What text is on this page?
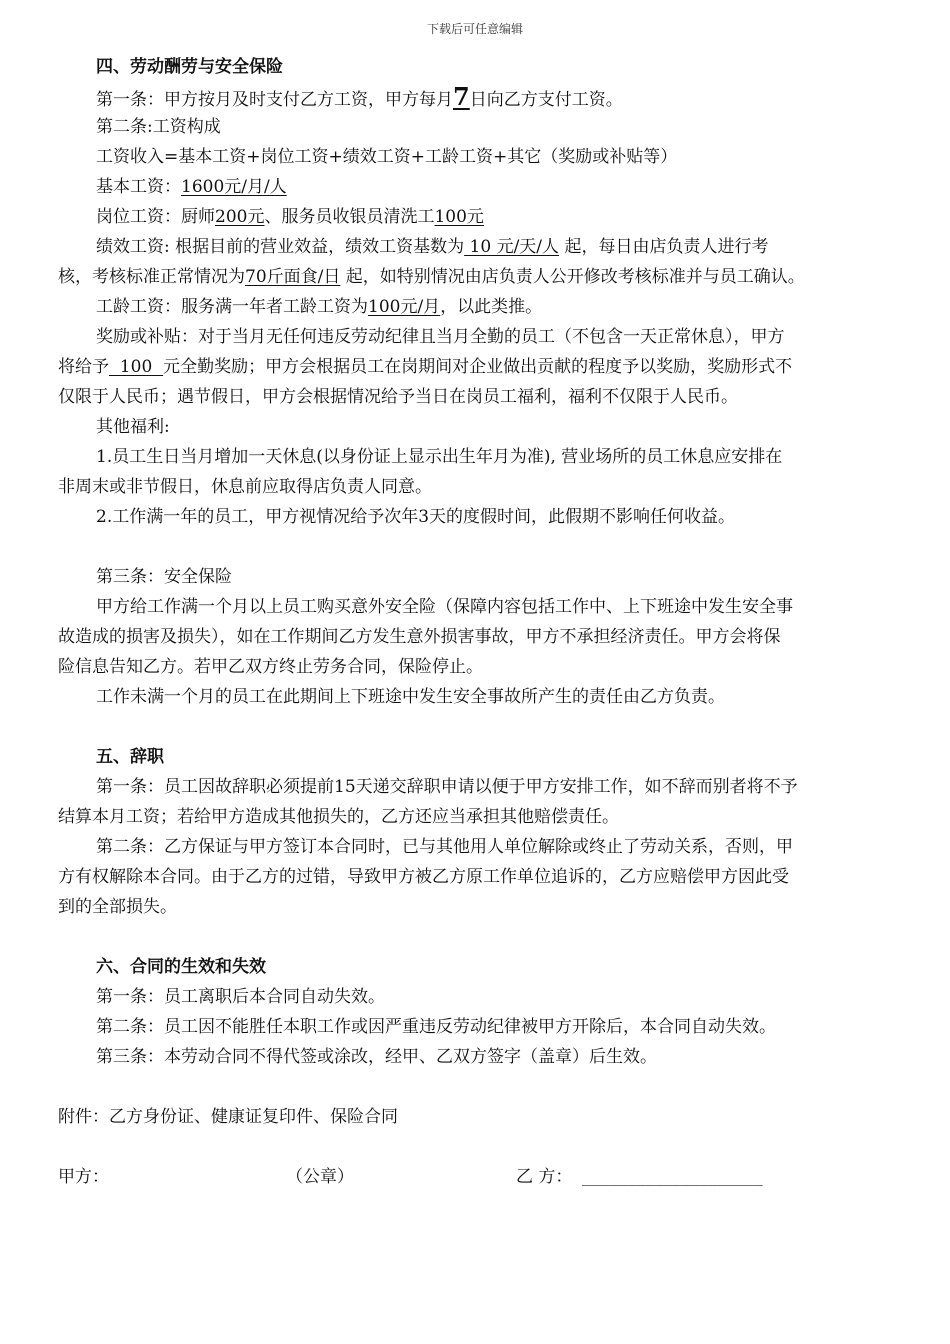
下载后可任意编辑
四、劳动酬劳与安全保险
第一条：甲方按月及时支付乙方工资，甲方每月7日向乙方支付工资。
第二条:工资构成
工资收入=基本工资+岗位工资+绩效工资+工龄工资+其它（奖励或补贴等）
基本工资：1600元/月/人
岗位工资：厨师200元、服务员收银员清洗工100元
绩效工资: 根据目前的营业效益，绩效工资基数为 10 元/天/人 起，每日由店负责人进行考
核，考核标准正常情况为70斤面食/日 起，如特别情况由店负责人公开修改考核标准并与员工确认。
工龄工资：服务满一年者工龄工资为100元/月，以此类推。
奖励或补贴：对于当月无任何违反劳动纪律且当月全勤的员工（不包含一天正常休息），甲方
将给予  100  元全勤奖励；甲方会根据员工在岗期间对企业做出贡献的程度予以奖励，奖励形式不
仅限于人民币；遇节假日，甲方会根据情况给予当日在岗员工福利，福利不仅限于人民币。
其他福利:
1.员工生日当月增加一天休息(以身份证上显示出生年月为准), 营业场所的员工休息应安排在
非周末或非节假日，休息前应取得店负责人同意。
2.工作满一年的员工，甲方视情况给予次年3天的度假时间，此假期不影响任何收益。
第三条：安全保险
甲方给工作满一个月以上员工购买意外安全险（保障内容包括工作中、上下班途中发生安全事
故造成的损害及损失），如在工作期间乙方发生意外损害事故，甲方不承担经济责任。甲方会将保
险信息告知乙方。若甲乙双方终止劳务合同，保险停止。
工作未满一个月的员工在此期间上下班途中发生安全事故所产生的责任由乙方负责。
五、辞职
第一条：员工因故辞职必须提前15天递交辞职申请以便于甲方安排工作，如不辞而别者将不予
结算本月工资；若给甲方造成其他损失的，乙方还应当承担其他赔偿责任。
第二条：乙方保证与甲方签订本合同时，已与其他用人单位解除或终止了劳动关系，否则，甲
方有权解除本合同。由于乙方的过错，导致甲方被乙方原工作单位追诉的，乙方应赔偿甲方因此受
到的全部损失。
六、合同的生效和失效
第一条：员工离职后本合同自动失效。
第二条：员工因不能胜任本职工作或因严重违反劳动纪律被甲方开除后，本合同自动失效。
第三条：本劳动合同不得代签或涂改，经甲、乙双方签字（盖章）后生效。
附件：乙方身份证、健康证复印件、保险合同
甲方：	（公章）	乙 方： ____________________
